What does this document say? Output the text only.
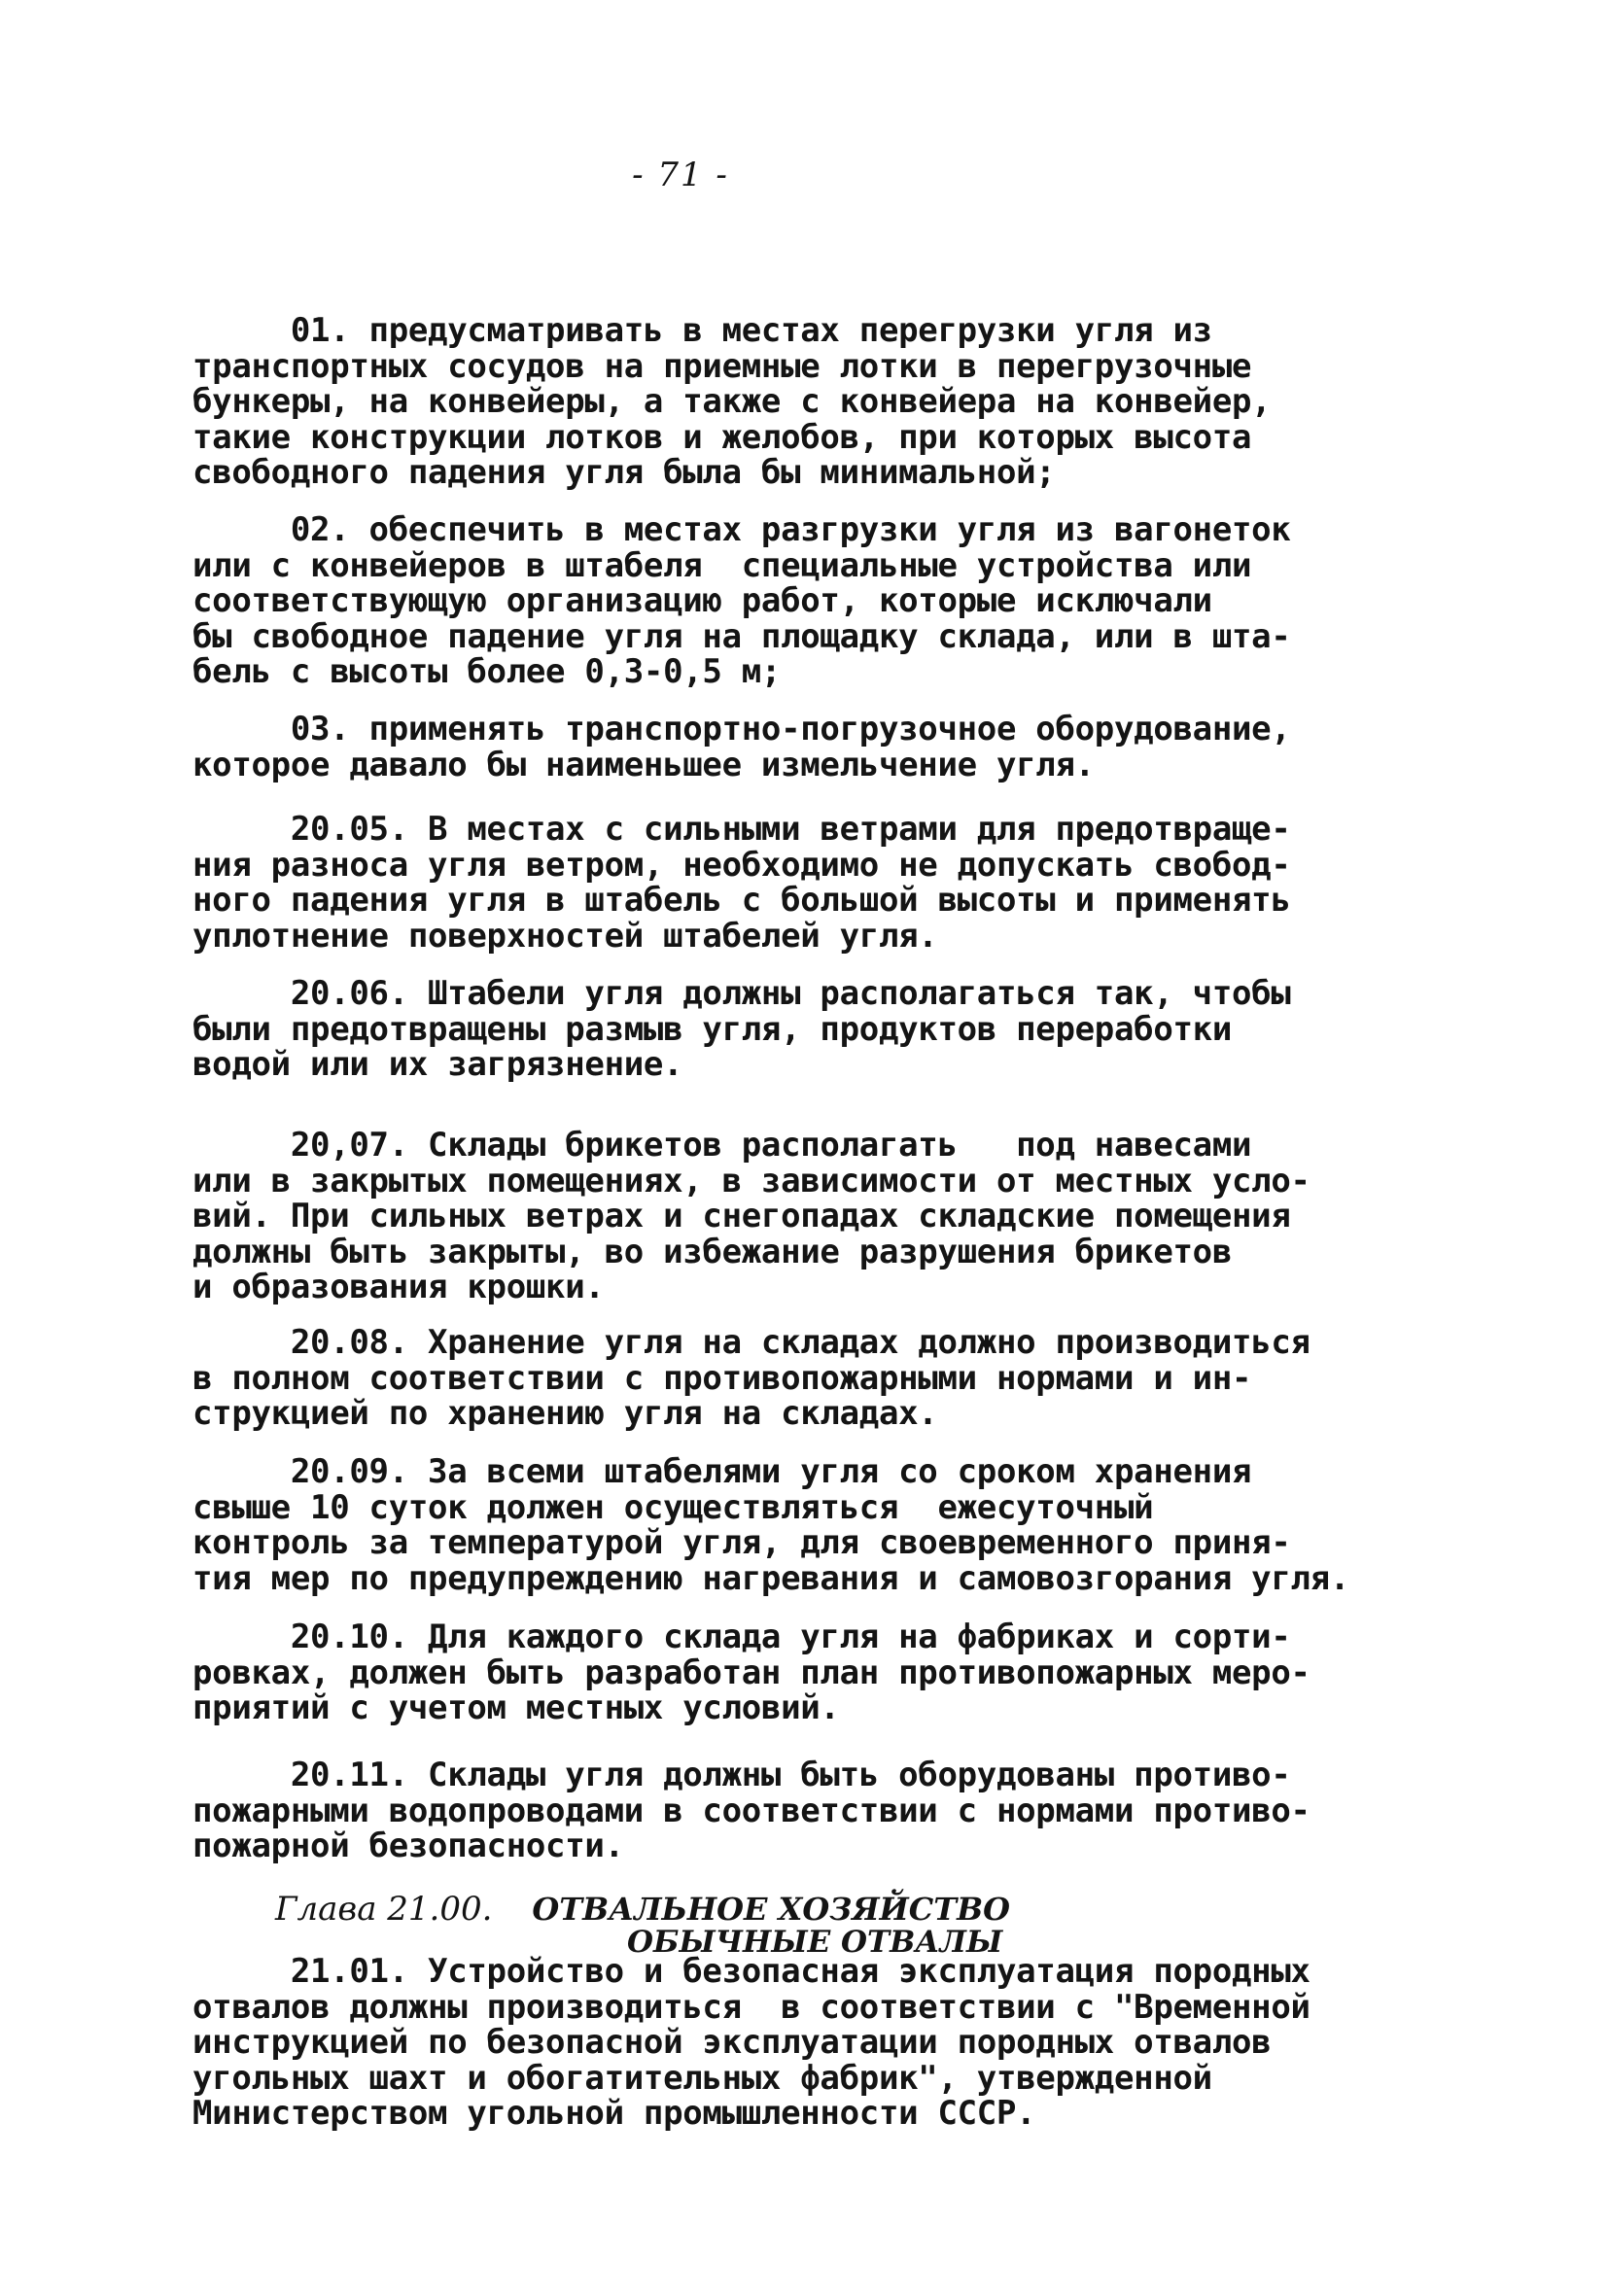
- 71 -
01. предусматривать в местах перегрузки угля из
транспортных сосудов на приемные лотки в перегрузочные
бункеры, на конвейеры, а также с конвейера на конвейер,
такие конструкции лотков и желобов, при которых высота
свободного падения угля была бы минимальной;
02. обеспечить в местах разгрузки угля из вагонеток
или с конвейеров в штабеля  специальные устройства или
соответствующую организацию работ, которые исключали
бы свободное падение угля на площадку склада, или в шта-
бель с высоты более 0,3-0,5 м;
03. применять транспортно-погрузочное оборудование,
которое давало бы наименьшее измельчение угля.
20.05. В местах с сильными ветрами для предотвраще-
ния разноса угля ветром, необходимо не допускать свобод-
ного падения угля в штабель с большой высоты и применять
уплотнение поверхностей штабелей угля.
20.06. Штабели угля должны располагаться так, чтобы
были предотвращены размыв угля, продуктов переработки
водой или их загрязнение.
20,07. Склады брикетов располагать   под навесами
или в закрытых помещениях, в зависимости от местных усло-
вий. При сильных ветрах и снегопадах складские помещения
должны быть закрыты, во избежание разрушения брикетов
и образования крошки.
20.08. Хранение угля на складах должно производиться
в полном соответствии с противопожарными нормами и ин-
струкцией по хранению угля на складах.
20.09. За всеми штабелями угля со сроком хранения
свыше 10 суток должен осуществляться  ежесуточный
контроль за температурой угля, для своевременного приня-
тия мер по предупреждению нагревания и самовозгорания угля.
20.10. Для каждого склада угля на фабриках и сорти-
ровках, должен быть разработан план противопожарных меро-
приятий с учетом местных условий.
20.11. Склады угля должны быть оборудованы противо-
пожарными водопроводами в соответствии с нормами противо-
пожарной безопасности.
Глава 21.00. ОТВАЛЬНОЕ ХОЗЯЙСТВО
ОБЫЧНЫЕ ОТВАЛЫ
21.01. Устройство и безопасная эксплуатация породных
отвалов должны производиться  в соответствии с "Временной
инструкцией по безопасной эксплуатации породных отвалов
угольных шахт и обогатительных фабрик", утвержденной
Министерством угольной промышленности СССР.
